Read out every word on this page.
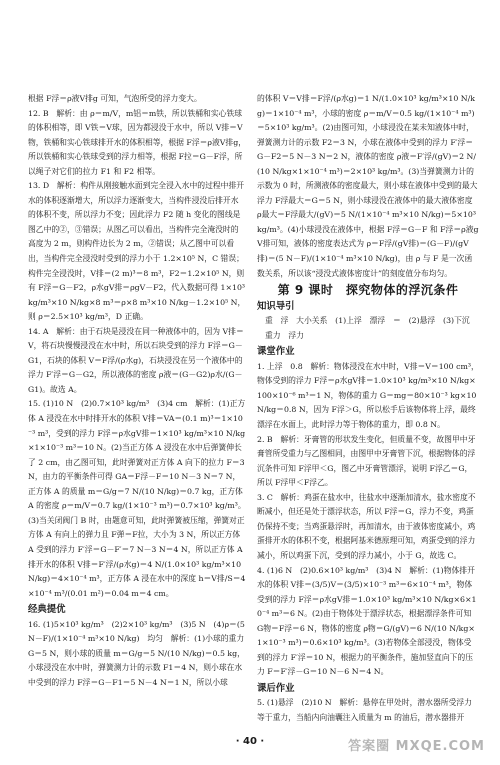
根据 F浮＝ρ液V排g 可知，气泡所受的浮力变大。

12. B　解析：由 ρ＝m/V，m铝＝m铁，所以铁桶和实心铁球的体积相等，即 V铁＝V球，因为都浸没于水中，所以 V排＝V物，铁桶和实心铁球排开水的体积相等，根据 F浮＝ρ液V排g，所以铁桶和实心铁球受到的浮力相等，根据 F拉＝G－F浮，所以绳子对它们的拉力 F1 和 F2 相等。

13. D　解析：构件从刚接触水面到完全浸入水中的过程中排开水的体积逐渐增大，所以浮力逐渐变大，当构件浸没后排开水的体积不变，所以浮力不变；因此浮力 F2 随 h 变化的图线是图乙中的②，③错误；从图乙可以看出，当构件完全淹没时的高度为 2 m，则构件边长为 2 m，②错误；从乙图中可以看出，当构件完全浸没时受到的浮力小于 1.2×10⁵ N，C 错误；构件完全浸没时，V排＝(2 m)³＝8 m³，F2＝1.2×10⁵ N，则有 F浮＝G－F2，ρ水gV排＝ρgV－F2，代入数据可得 1×10³ kg/m³×10 N/kg×8 m³＝ρ×8 m³×10 N/kg－1.2×10⁵ N，则 ρ＝2.5×10³ kg/m³，D 正确。

14. A　解析：由于石块是浸没在同一种液体中的，因为 V排＝V，将石块慢慢浸没在水中时，所以石块受到的浮力 F浮＝G－G1，石块的体积 V＝F浮/(ρ水g)，石块浸没在另一个液体中的浮力 F′浮＝G－G2，所以液体的密度 ρ液＝(G－G2)ρ水/(G－G1)。故选 A。

15. (1)10 N　(2)0.7×10³ kg/m³　(3)4 cm　解析：(1)正方体 A 浸没在水中时排开水的体积 V排＝VA＝(0.1 m)³＝1×10⁻³ m³，受到的浮力 F浮＝ρ水gV排＝1×10³ kg/m³×10 N/kg×1×10⁻³ m³＝10 N。(2)当正方体 A 浸没在水中后弹簧伸长了 2 cm，由乙图可知，此时弹簧对正方体 A 向下的拉力 F＝3 N，由力的平衡条件可得 GA＝F浮－F＝10 N－3 N＝7 N，正方体 A 的质量 m＝G/g＝7 N/(10 N/kg)＝0.7 kg，正方体 A 的密度 ρ＝m/V＝0.7 kg/(1×10⁻³ m³)＝0.7×10³ kg/m³。(3)当关闭阀门 B 时，由题意可知，此时弹簧被压缩，弹簧对正方体 A 有向上的弹力且 F弹＝F拉，大小为 3 N，所以正方体 A 受到的浮力 F′浮＝G－F′＝7 N－3 N＝4 N，所以正方体 A 排开水的体积 V排＝F′浮/(ρ水g)＝4 N/(1.0×10³ kg/m³×10 N/kg)＝4×10⁻⁴ m³，正方体 A 浸在水中的深度 h＝V排/S＝4×10⁻⁴ m³/(0.01 m²)＝0.04 m＝4 cm。

经典提优

16. (1)5×10³ kg/m³　(2)2×10³ kg/m³　(3)5 N　(4)ρ＝(5 N－F)/(1×10⁻⁴ m³×10 N/kg)　均匀　解析：(1)小球的重力 G＝5 N，则小球的质量 m＝G/g＝5 N/(10 N/kg)＝0.5 kg，小球浸没在水中时，弹簧测力计的示数 F1＝4 N，则小球在水中受到的浮力 F浮＝G－F1＝5 N－4 N＝1 N，所以小球

的体积 V＝V排＝F浮/(ρ水g)＝1 N/(1.0×10³ kg/m³×10 N/kg)＝1×10⁻⁴ m³，小球的密度 ρ＝m/V＝0.5 kg/(1×10⁻⁴ m³)＝5×10³ kg/m³。(2)由图可知，小球浸没在某未知液体中时，弹簧测力计的示数 F2＝3 N，小球在液体中受到的浮力 F′浮＝G－F2＝5 N－3 N＝2 N，液体的密度 ρ液＝F′浮/(gV)＝2 N/(10 N/kg×1×10⁻⁴ m³)＝2×10³ kg/m³。(3)当弹簧测力计的示数为 0 时，所测液体的密度最大，则小球在液体中受到的最大浮力 F浮最大＝G＝5 N，则小球浸没在液体中的最大液体密度 ρ最大＝F浮最大/(gV)＝5 N/(1×10⁻⁴ m³×10 N/kg)＝5×10³ kg/m³。(4)小球浸没在液体中，根据 F浮＝G－F 和 F浮＝ρ液gV排可知，液体的密度表达式为 ρ＝F浮/(gV排)＝(G－F)/(gV排)＝(5 N－F)/(1×10⁻⁴ m³×10 N/kg)，由 ρ 与 F 是一次函数关系，所以该“浸没式液体密度计”的刻度值分布均匀。

第 9 课时　探究物体的浮沉条件

知识导引

重　浮　大小关系　(1)上浮　漂浮　＝　(2)悬浮　(3)下沉　重力　浮力

课堂作业

1. 上浮　0.8　解析：物体浸没在水中时，V排＝V＝100 cm³，物体受到的浮力 F浮＝ρ水gV排＝1.0×10³ kg/m³×10 N/kg×100×10⁻⁶ m³＝1 N，物体的重力 G＝mg＝80×10⁻³ kg×10 N/kg＝0.8 N，因为 F浮＞G，所以松手后该物体将上浮，最终漂浮在水面上，此时浮力等于物体的重力，即 0.8 N。

2. B　解析：牙膏管的形状发生变化，但质量不变，故图甲中牙膏管所受重力与乙图相同，由图甲中牙膏管下沉，根据物体的浮沉条件可知 F浮甲＜G，图乙中牙膏管漂浮，说明 F浮乙＝G，所以 F浮甲＜F浮乙。

3. C　解析：鸡蛋在盐水中，往盐水中逐渐加清水，盐水密度不断减小，但还是处于漂浮状态，所以 F浮＝G，浮力不变，鸡蛋仍保持不变；当鸡蛋悬浮时，再加清水，由于液体密度减小，鸡蛋排开水的体积不变，根据阿基米德原理可知，鸡蛋受到的浮力减小，所以鸡蛋下沉，受到的浮力减小，小于 G，故选 C。

4. (1)6 N　(2)0.6×10³ kg/m³　(3)4 N　解析：(1)物体排开水的体积 V排＝(3/5)V＝(3/5)×10⁻³ m³＝6×10⁻⁴ m³，物体受到的浮力 F浮＝ρ水gV排＝1.0×10³ kg/m³×10 N/kg×6×10⁻⁴ m³＝6 N。(2)由于物体处于漂浮状态，根据漂浮条件可知 G物＝F浮＝6 N，物体的密度 ρ物＝G/(gV)＝6 N/(10 N/kg×1×10⁻³ m³)＝0.6×10³ kg/m³。(3)若物体全部浸没，物体受到的浮力 F′浮＝10 N，根据力的平衡条件，施加竖直向下的压力 F＝F′浮－G＝10 N－6 N＝4 N。

课后作业

5. (1)悬浮　(2)10 N　解析：悬停在甲处时，潜水器所受浮力等于重力，当船内向油囊注入质量为 m 的油后，潜水器排开

· 40 ·	答案圈 MXQE.COM
